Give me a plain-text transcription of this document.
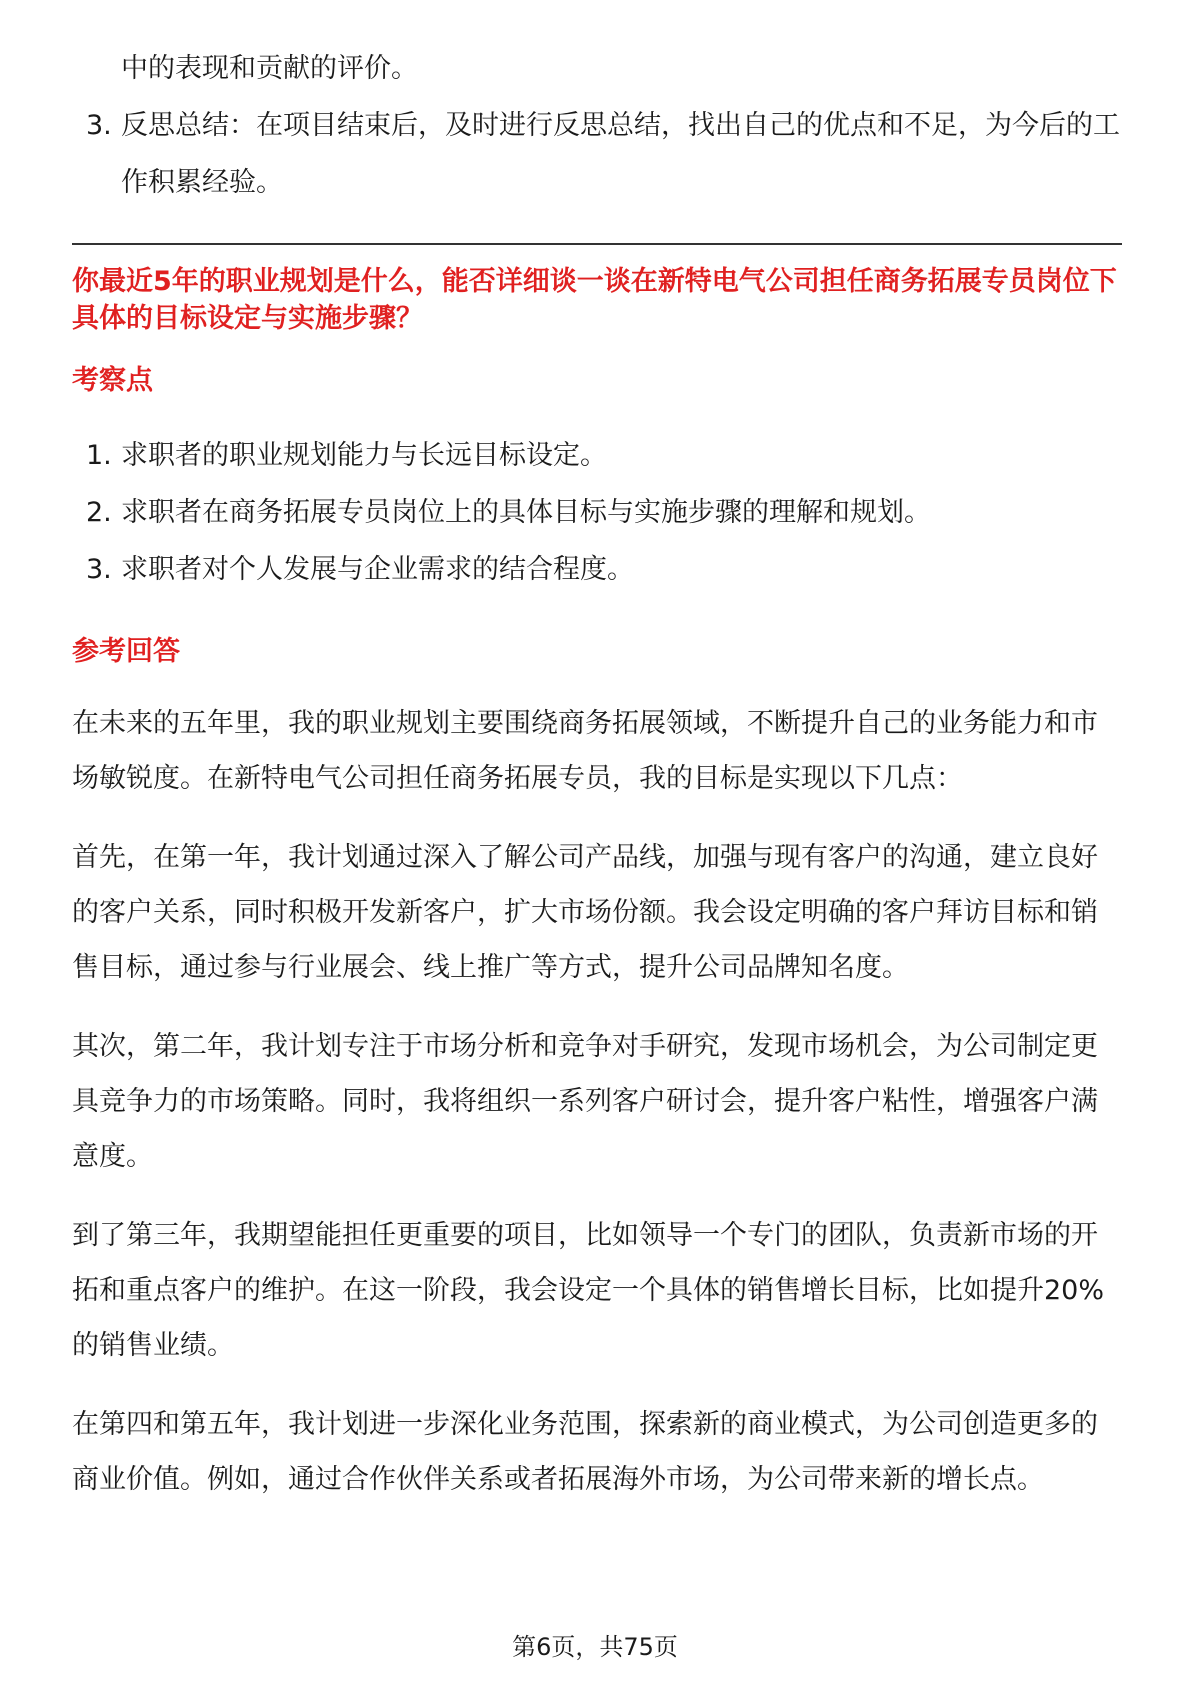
中的表现和贡献的评价。
3. 反思总结：在项目结束后，及时进行反思总结，找出自己的优点和不足，为今后的工作积累经验。

你最近5年的职业规划是什么，能否详细谈一谈在新特电气公司担任商务拓展专员岗位下具体的目标设定与实施步骤？

考察点

1. 求职者的职业规划能力与长远目标设定。
2. 求职者在商务拓展专员岗位上的具体目标与实施步骤的理解和规划。
3. 求职者对个人发展与企业需求的结合程度。

参考回答

在未来的五年里，我的职业规划主要围绕商务拓展领域，不断提升自己的业务能力和市场敏锐度。在新特电气公司担任商务拓展专员，我的目标是实现以下几点：

首先，在第一年，我计划通过深入了解公司产品线，加强与现有客户的沟通，建立良好的客户关系，同时积极开发新客户，扩大市场份额。我会设定明确的客户拜访目标和销售目标，通过参与行业展会、线上推广等方式，提升公司品牌知名度。

其次，第二年，我计划专注于市场分析和竞争对手研究，发现市场机会，为公司制定更具竞争力的市场策略。同时，我将组织一系列客户研讨会，提升客户粘性，增强客户满意度。

到了第三年，我期望能担任更重要的项目，比如领导一个专门的团队，负责新市场的开拓和重点客户的维护。在这一阶段，我会设定一个具体的销售增长目标，比如提升20%的销售业绩。

在第四和第五年，我计划进一步深化业务范围，探索新的商业模式，为公司创造更多的商业价值。例如，通过合作伙伴关系或者拓展海外市场，为公司带来新的增长点。

第6页，共75页
